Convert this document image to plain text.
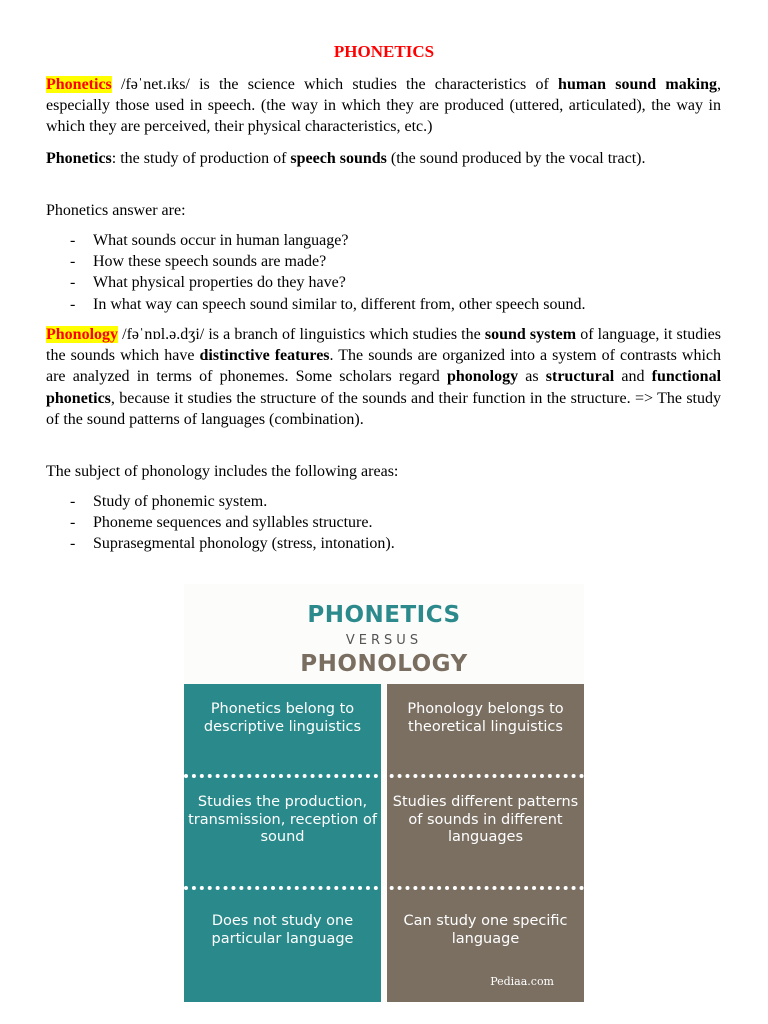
PHONETICS

Phonetics /fəˈnet.ɪks/ is the science which studies the characteristics of human sound making, especially those used in speech. (the way in which they are produced (uttered, articulated), the way in which they are perceived, their physical characteristics, etc.)

Phonetics: the study of production of speech sounds (the sound produced by the vocal tract).

Phonetics answer are:

- What sounds occur in human language?
- How these speech sounds are made?
- What physical properties do they have?
- In what way can speech sound similar to, different from, other speech sound.

Phonology /fəˈnɒl.ə.dʒi/ is a branch of linguistics which studies the sound system of language, it studies the sounds which have distinctive features. The sounds are organized into a system of contrasts which are analyzed in terms of phonemes. Some scholars regard phonology as structural and functional phonetics, because it studies the structure of the sounds and their function in the structure. => The study of the sound patterns of languages (combination).

The subject of phonology includes the following areas:

- Study of phonemic system.
- Phoneme sequences and syllables structure.
- Suprasegmental phonology (stress, intonation).
PHONETICS
VERSUS
PHONOLOGY
Phonetics belong to descriptive linguistics
Studies the production, transmission, reception of sound
Does not study one particular language
Phonology belongs to theoretical linguistics
Studies different patterns of sounds in different languages
Can study one specific language
Pediaa.com
